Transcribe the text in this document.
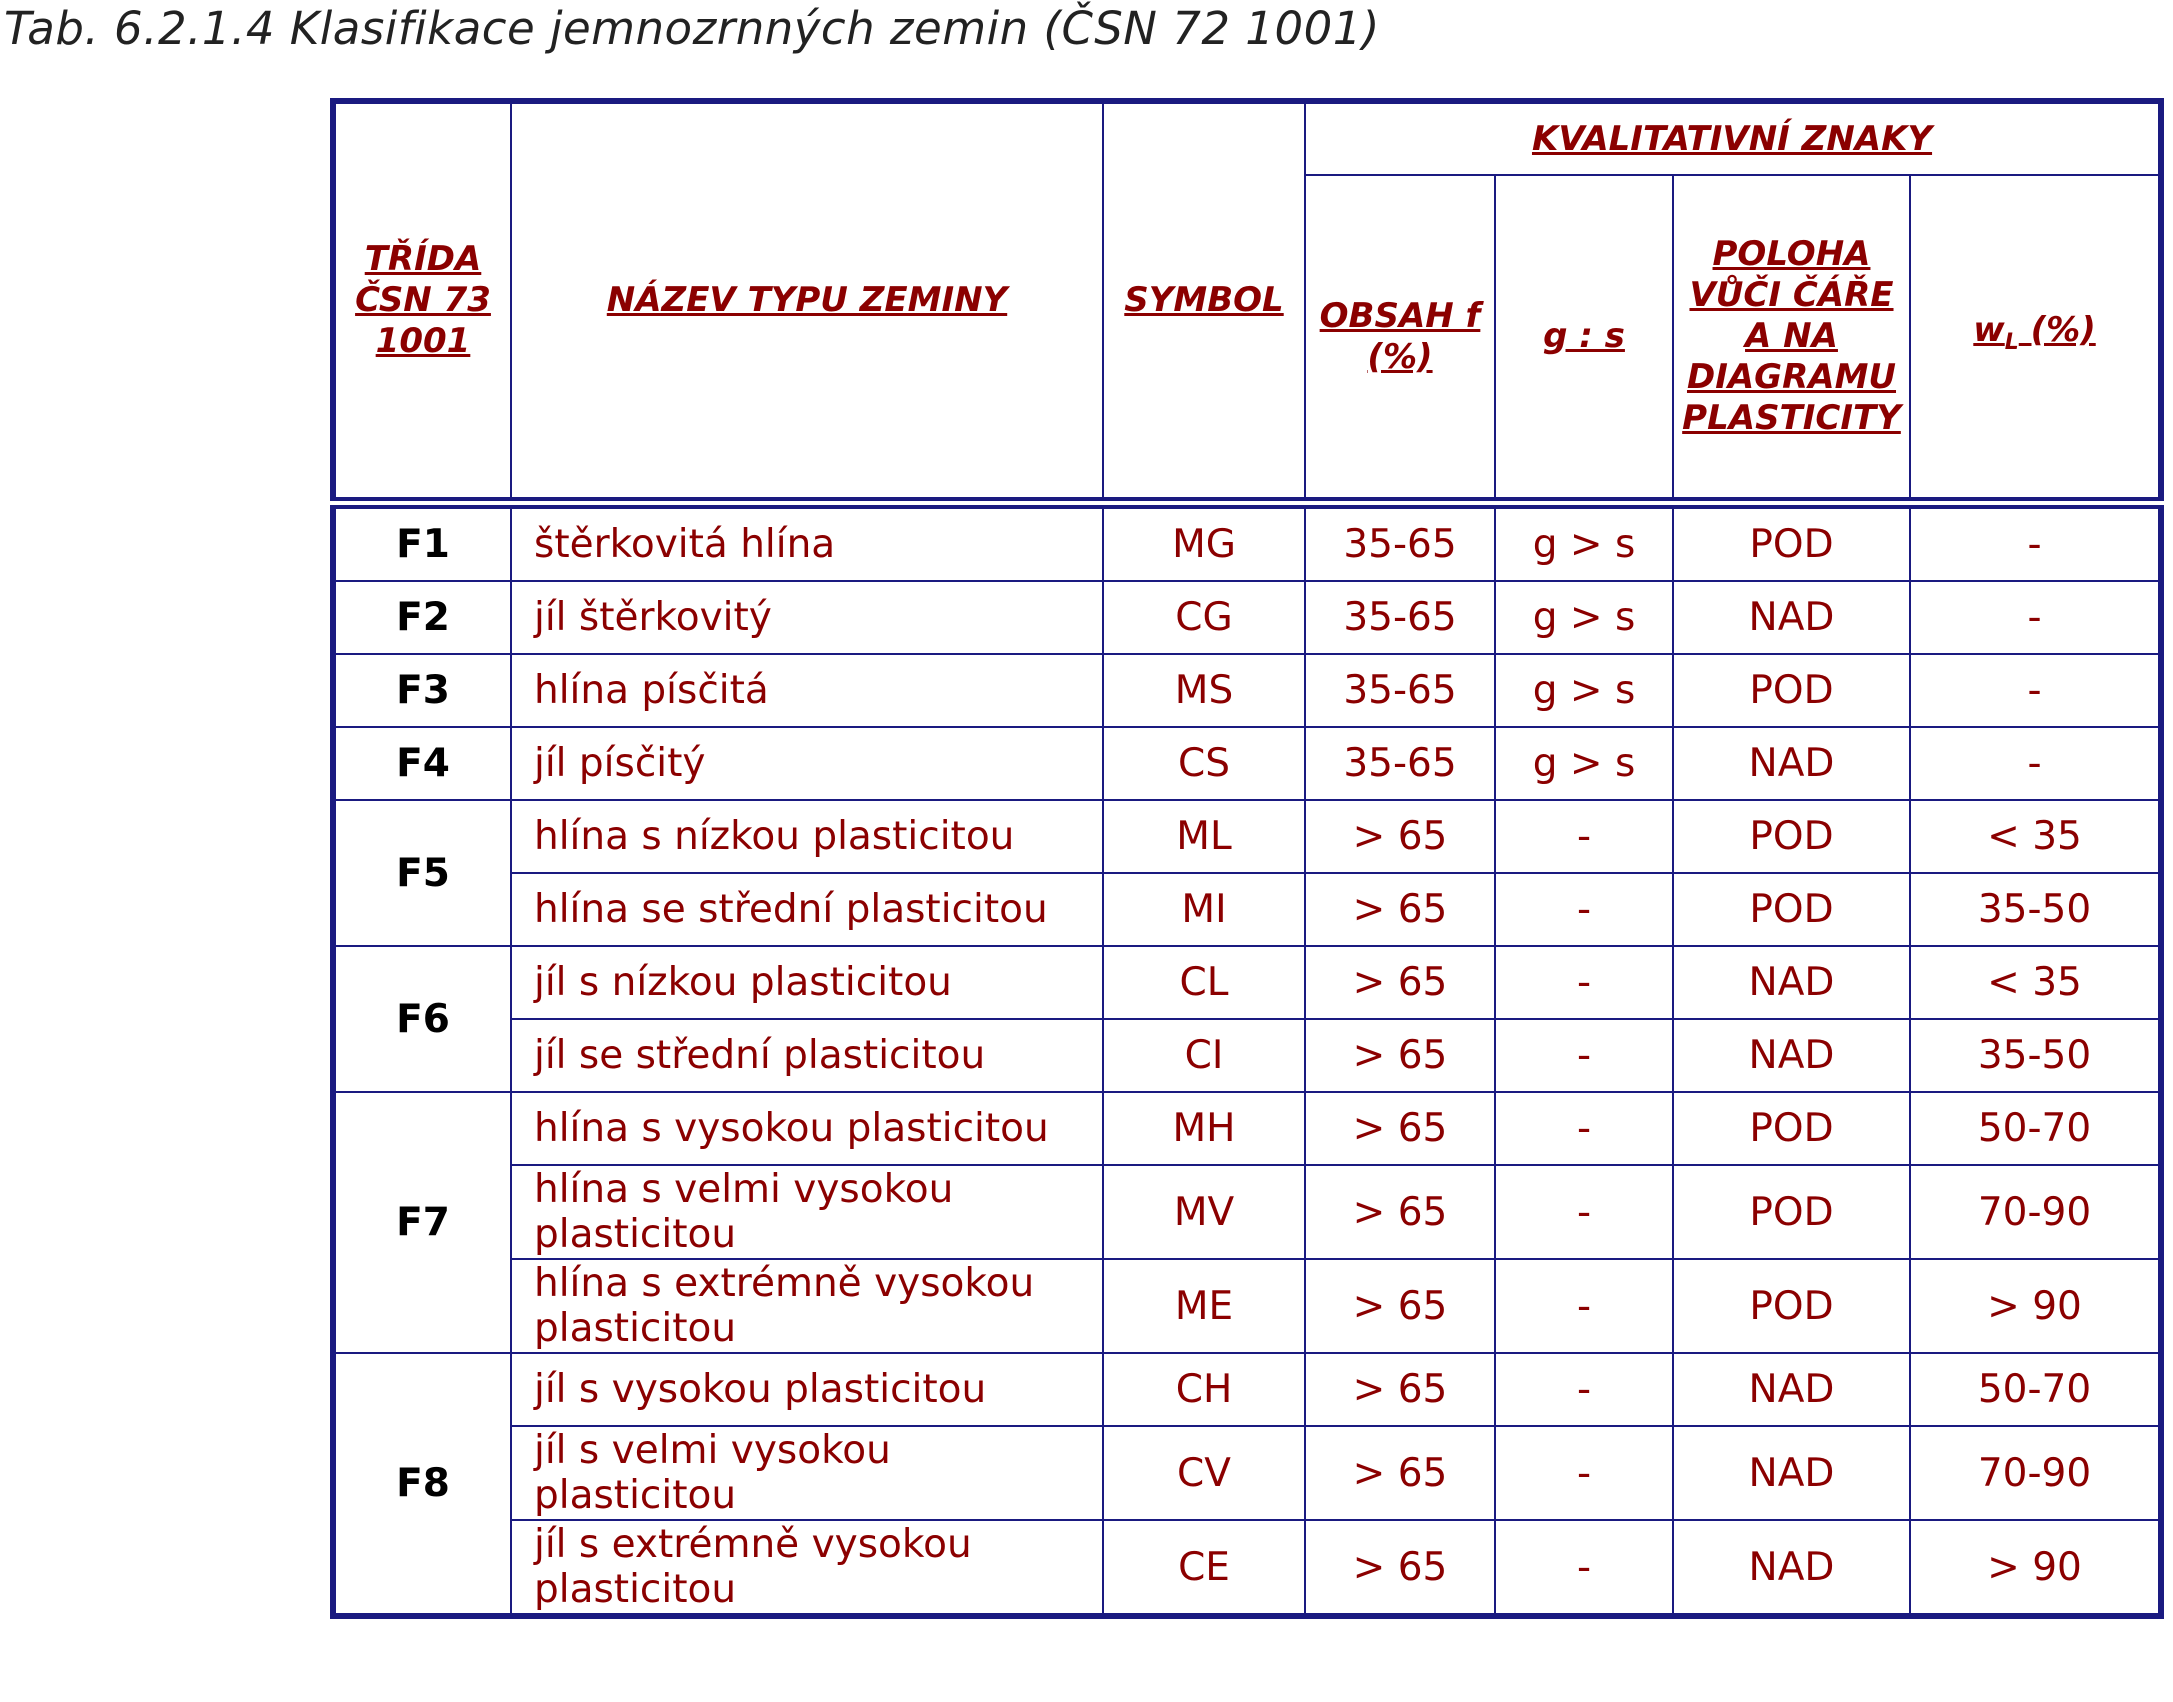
Tab. 6.2.1.4 Klasifikace jemnozrnných zemin (ČSN 72 1001)
TŘÍDA ČSN 73 1001	NÁZEV TYPU ZEMINY	SYMBOL	KVALITATIVNÍ ZNAKY			
			OBSAH f (%)	g : s	POLOHA VŮČI ČÁŘE A NA DIAGRAMU PLASTICITY	$w_L$ (%)
F1	štěrkovitá hlína	MG	35-65	g > s	POD	-
F2	jíl štěrkovitý	CG	35-65	g > s	NAD	-
F3	hlína písčitá	MS	35-65	g > s	POD	-
F4	jíl písčitý	CS	35-65	g > s	NAD	-
F5	hlína s nízkou plasticitou	ML	> 65	-	POD	< 35
	hlína se střední plasticitou	MI	> 65	-	POD	35-50
F6	jíl s nízkou plasticitou	CL	> 65	-	NAD	< 35
	jíl se střední plasticitou	CI	> 65	-	NAD	35-50
F7	hlína s vysokou plasticitou	MH	> 65	-	POD	50-70
	hlína s velmi vysokou plasticitou	MV	> 65	-	POD	70-90
	hlína s extrémně vysokou plasticitou	ME	> 65	-	POD	> 90
F8	jíl s vysokou plasticitou	CH	> 65	-	NAD	50-70
	jíl s velmi vysokou plasticitou	CV	> 65	-	NAD	70-90
	jíl s extrémně vysokou plasticitou	CE	> 65	-	NAD	> 90
